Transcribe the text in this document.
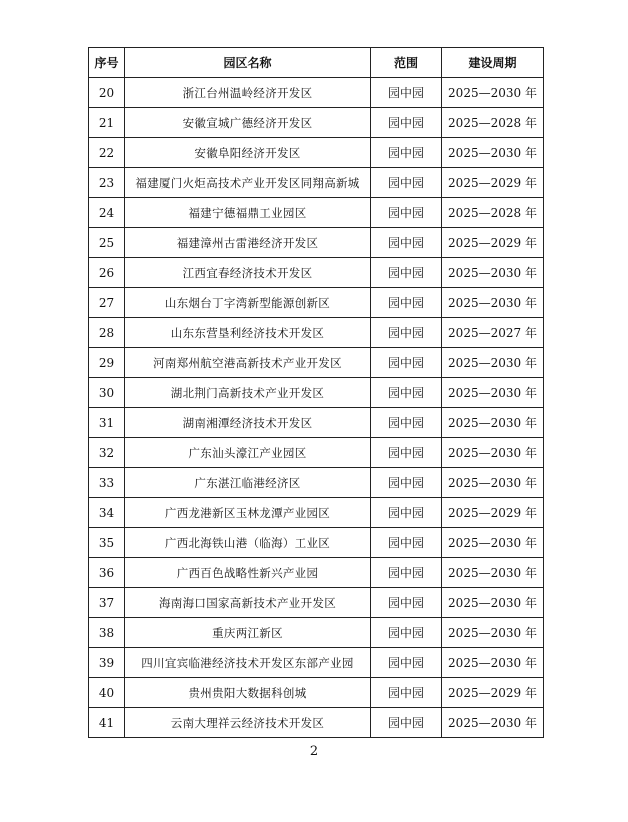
序号	园区名称	范围	建设周期
20	浙江台州温岭经济开发区	园中园	2025—2030 年
21	安徽宣城广德经济开发区	园中园	2025—2028 年
22	安徽阜阳经济开发区	园中园	2025—2030 年
23	福建厦门火炬高技术产业开发区同翔高新城	园中园	2025—2029 年
24	福建宁德福鼎工业园区	园中园	2025—2028 年
25	福建漳州古雷港经济开发区	园中园	2025—2029 年
26	江西宜春经济技术开发区	园中园	2025—2030 年
27	山东烟台丁字湾新型能源创新区	园中园	2025—2030 年
28	山东东营垦利经济技术开发区	园中园	2025—2027 年
29	河南郑州航空港高新技术产业开发区	园中园	2025—2030 年
30	湖北荆门高新技术产业开发区	园中园	2025—2030 年
31	湖南湘潭经济技术开发区	园中园	2025—2030 年
32	广东汕头濠江产业园区	园中园	2025—2030 年
33	广东湛江临港经济区	园中园	2025—2030 年
34	广西龙港新区玉林龙潭产业园区	园中园	2025—2029 年
35	广西北海铁山港（临海）工业区	园中园	2025—2030 年
36	广西百色战略性新兴产业园	园中园	2025—2030 年
37	海南海口国家高新技术产业开发区	园中园	2025—2030 年
38	重庆两江新区	园中园	2025—2030 年
39	四川宜宾临港经济技术开发区东部产业园	园中园	2025—2030 年
40	贵州贵阳大数据科创城	园中园	2025—2029 年
41	云南大理祥云经济技术开发区	园中园	2025—2030 年
2
